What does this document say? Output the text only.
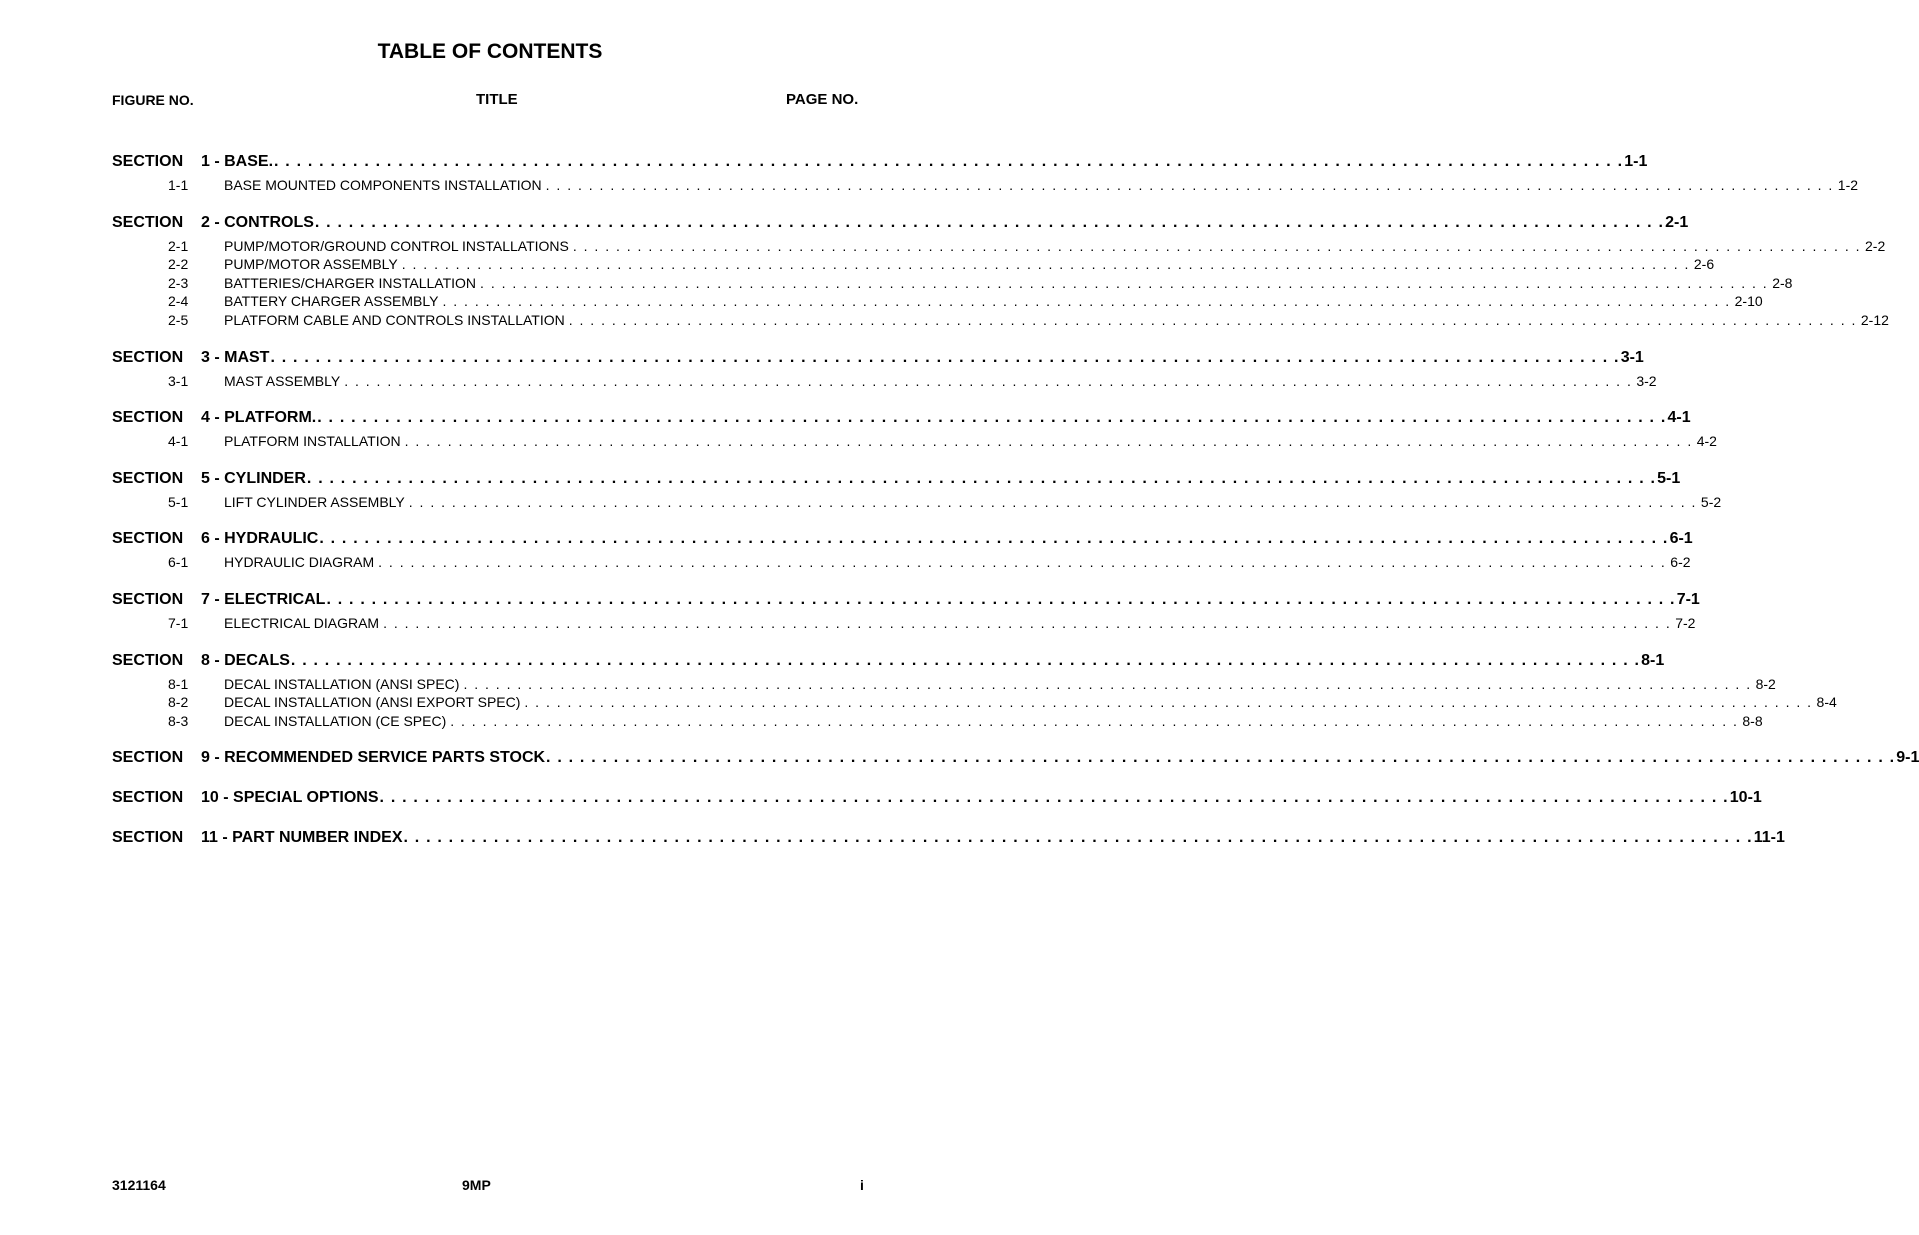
TABLE OF CONTENTS
FIGURE NO.	TITLE	PAGE NO.
SECTION	1 - BASE. . . . . . . . . . . . . . . . . . . . . . . . . . . . . . . . . . . . . . . . . . . . . . . . . . . . . . . . . . . . . . . . . . . . . . . . . . . . . . . . . . . . . . . . . . . . . . . . . . . . . . . . . . . . . . . . . . . . . . . . . 1-1
1-1	BASE MOUNTED COMPONENTS INSTALLATION . . . . . . . . . . . . . . . . . . . . . . . . . . . . . . . . . . . . . . . . . . . . . . . . . . . . . . . . . . . . . . . . . . . . . . . . . . . . . . . . . . . . . . . . . . . . . . . . . . . . . . . . . . . . . . . . . . . . . . . . 1-2
SECTION	2 - CONTROLS . . . . . . . . . . . . . . . . . . . . . . . . . . . . . . . . . . . . . . . . . . . . . . . . . . . . . . . . . . . . . . . . . . . . . . . . . . . . . . . . . . . . . . . . . . . . . . . . . . . . . . . . . . . . . . . . . . . . . . . . 2-1
2-1	PUMP/MOTOR/GROUND CONTROL INSTALLATIONS . . . . . . . . . . . . . . . . . . . . . . . . . . . . . . . . . . . . . . . . . . . . . . . . . . . . . . . . . . . . . . . . . . . . . . . . . . . . . . . . . . . . . . . . . . . . . . . . . . . . . . . . . . . . . . . . . . . . . . . . 2-2
2-2	PUMP/MOTOR ASSEMBLY . . . . . . . . . . . . . . . . . . . . . . . . . . . . . . . . . . . . . . . . . . . . . . . . . . . . . . . . . . . . . . . . . . . . . . . . . . . . . . . . . . . . . . . . . . . . . . . . . . . . . . . . . . . . . . . . . . . . . . . . 2-6
2-3	BATTERIES/CHARGER INSTALLATION . . . . . . . . . . . . . . . . . . . . . . . . . . . . . . . . . . . . . . . . . . . . . . . . . . . . . . . . . . . . . . . . . . . . . . . . . . . . . . . . . . . . . . . . . . . . . . . . . . . . . . . . . . . . . . . . . . . . . . . . 2-8
2-4	BATTERY CHARGER ASSEMBLY . . . . . . . . . . . . . . . . . . . . . . . . . . . . . . . . . . . . . . . . . . . . . . . . . . . . . . . . . . . . . . . . . . . . . . . . . . . . . . . . . . . . . . . . . . . . . . . . . . . . . . . . . . . . . . . . . . . . . . . . 2-10
2-5	PLATFORM CABLE AND CONTROLS INSTALLATION . . . . . . . . . . . . . . . . . . . . . . . . . . . . . . . . . . . . . . . . . . . . . . . . . . . . . . . . . . . . . . . . . . . . . . . . . . . . . . . . . . . . . . . . . . . . . . . . . . . . . . . . . . . . . . . . . . . . . . . . 2-12
SECTION	3 - MAST . . . . . . . . . . . . . . . . . . . . . . . . . . . . . . . . . . . . . . . . . . . . . . . . . . . . . . . . . . . . . . . . . . . . . . . . . . . . . . . . . . . . . . . . . . . . . . . . . . . . . . . . . . . . . . . . . . . . . . . . 3-1
3-1	MAST ASSEMBLY . . . . . . . . . . . . . . . . . . . . . . . . . . . . . . . . . . . . . . . . . . . . . . . . . . . . . . . . . . . . . . . . . . . . . . . . . . . . . . . . . . . . . . . . . . . . . . . . . . . . . . . . . . . . . . . . . . . . . . . . 3-2
SECTION	4 - PLATFORM. . . . . . . . . . . . . . . . . . . . . . . . . . . . . . . . . . . . . . . . . . . . . . . . . . . . . . . . . . . . . . . . . . . . . . . . . . . . . . . . . . . . . . . . . . . . . . . . . . . . . . . . . . . . . . . . . . . . . . . . . 4-1
4-1	PLATFORM INSTALLATION . . . . . . . . . . . . . . . . . . . . . . . . . . . . . . . . . . . . . . . . . . . . . . . . . . . . . . . . . . . . . . . . . . . . . . . . . . . . . . . . . . . . . . . . . . . . . . . . . . . . . . . . . . . . . . . . . . . . . . . . 4-2
SECTION	5 - CYLINDER . . . . . . . . . . . . . . . . . . . . . . . . . . . . . . . . . . . . . . . . . . . . . . . . . . . . . . . . . . . . . . . . . . . . . . . . . . . . . . . . . . . . . . . . . . . . . . . . . . . . . . . . . . . . . . . . . . . . . . . . 5-1
5-1	LIFT CYLINDER ASSEMBLY . . . . . . . . . . . . . . . . . . . . . . . . . . . . . . . . . . . . . . . . . . . . . . . . . . . . . . . . . . . . . . . . . . . . . . . . . . . . . . . . . . . . . . . . . . . . . . . . . . . . . . . . . . . . . . . . . . . . . . . . 5-2
SECTION	6 - HYDRAULIC . . . . . . . . . . . . . . . . . . . . . . . . . . . . . . . . . . . . . . . . . . . . . . . . . . . . . . . . . . . . . . . . . . . . . . . . . . . . . . . . . . . . . . . . . . . . . . . . . . . . . . . . . . . . . . . . . . . . . . . . 6-1
6-1	HYDRAULIC DIAGRAM . . . . . . . . . . . . . . . . . . . . . . . . . . . . . . . . . . . . . . . . . . . . . . . . . . . . . . . . . . . . . . . . . . . . . . . . . . . . . . . . . . . . . . . . . . . . . . . . . . . . . . . . . . . . . . . . . . . . . . . . 6-2
SECTION	7 - ELECTRICAL . . . . . . . . . . . . . . . . . . . . . . . . . . . . . . . . . . . . . . . . . . . . . . . . . . . . . . . . . . . . . . . . . . . . . . . . . . . . . . . . . . . . . . . . . . . . . . . . . . . . . . . . . . . . . . . . . . . . . . . . 7-1
7-1	ELECTRICAL DIAGRAM . . . . . . . . . . . . . . . . . . . . . . . . . . . . . . . . . . . . . . . . . . . . . . . . . . . . . . . . . . . . . . . . . . . . . . . . . . . . . . . . . . . . . . . . . . . . . . . . . . . . . . . . . . . . . . . . . . . . . . . . 7-2
SECTION	8 - DECALS . . . . . . . . . . . . . . . . . . . . . . . . . . . . . . . . . . . . . . . . . . . . . . . . . . . . . . . . . . . . . . . . . . . . . . . . . . . . . . . . . . . . . . . . . . . . . . . . . . . . . . . . . . . . . . . . . . . . . . . . 8-1
8-1	DECAL INSTALLATION (ANSI SPEC) . . . . . . . . . . . . . . . . . . . . . . . . . . . . . . . . . . . . . . . . . . . . . . . . . . . . . . . . . . . . . . . . . . . . . . . . . . . . . . . . . . . . . . . . . . . . . . . . . . . . . . . . . . . . . . . . . . . . . . . . 8-2
8-2	DECAL INSTALLATION (ANSI EXPORT SPEC) . . . . . . . . . . . . . . . . . . . . . . . . . . . . . . . . . . . . . . . . . . . . . . . . . . . . . . . . . . . . . . . . . . . . . . . . . . . . . . . . . . . . . . . . . . . . . . . . . . . . . . . . . . . . . . . . . . . . . . . . 8-4
8-3	DECAL INSTALLATION (CE SPEC) . . . . . . . . . . . . . . . . . . . . . . . . . . . . . . . . . . . . . . . . . . . . . . . . . . . . . . . . . . . . . . . . . . . . . . . . . . . . . . . . . . . . . . . . . . . . . . . . . . . . . . . . . . . . . . . . . . . . . . . . 8-8
SECTION	9 - RECOMMENDED SERVICE PARTS STOCK . . . . . . . . . . . . . . . . . . . . . . . . . . . . . . . . . . . . . . . . . . . . . . . . . . . . . . . . . . . . . . . . . . . . . . . . . . . . . . . . . . . . . . . . . . . . . . . . . . . . . . . . . . . . . . . . . . . . . . . . 9-1
SECTION	10 - SPECIAL OPTIONS . . . . . . . . . . . . . . . . . . . . . . . . . . . . . . . . . . . . . . . . . . . . . . . . . . . . . . . . . . . . . . . . . . . . . . . . . . . . . . . . . . . . . . . . . . . . . . . . . . . . . . . . . . . . . . . . . . . . . . . . 10-1
SECTION	11 - PART NUMBER INDEX . . . . . . . . . . . . . . . . . . . . . . . . . . . . . . . . . . . . . . . . . . . . . . . . . . . . . . . . . . . . . . . . . . . . . . . . . . . . . . . . . . . . . . . . . . . . . . . . . . . . . . . . . . . . . . . . . . . . . . . . 11-1
3121164	9MP	i
